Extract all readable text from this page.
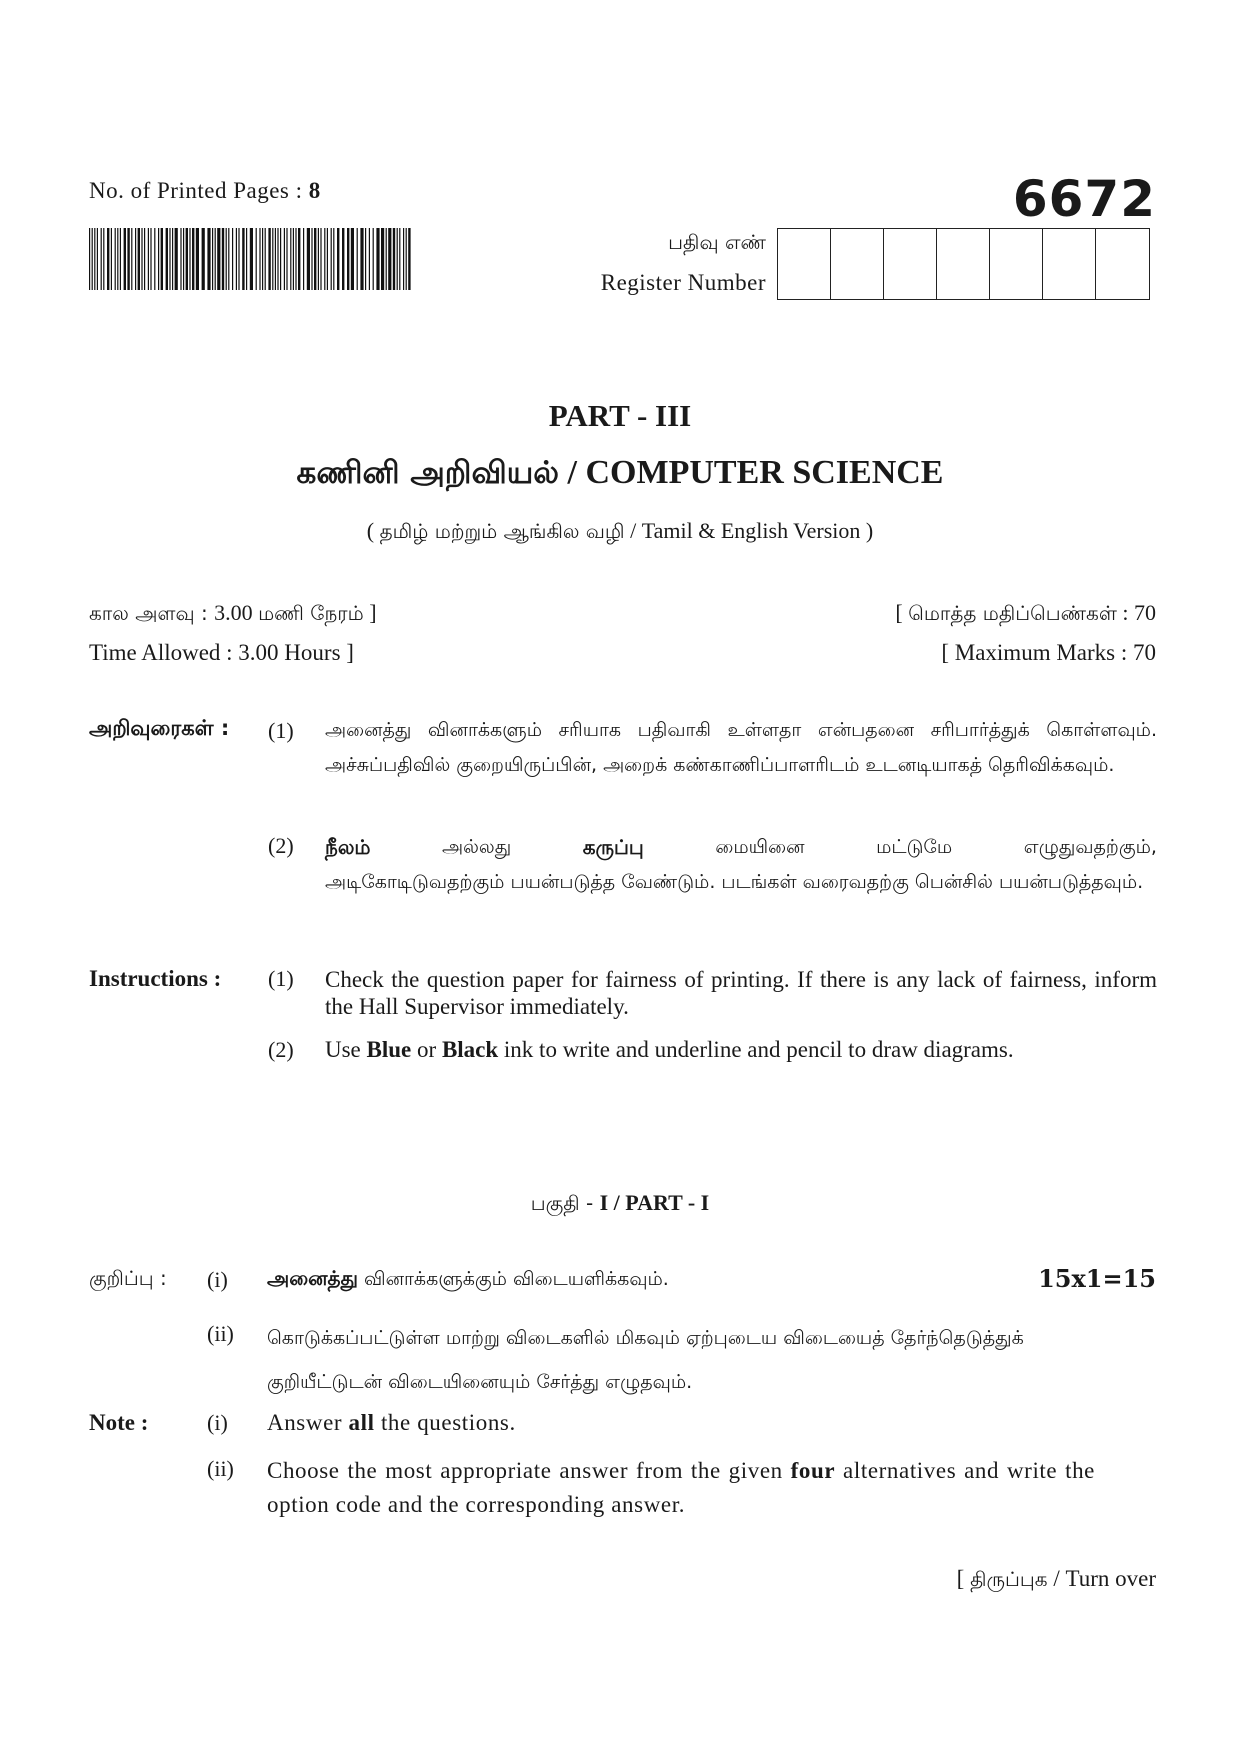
No. of Printed Pages : 8	6672
பதிவு எண்
Register Number
PART - III
கணினி அறிவியல் / COMPUTER SCIENCE
( தமிழ் மற்றும் ஆங்கில வழி / Tamil & English Version )
கால அளவு : 3.00 மணி நேரம் ]
Time Allowed : 3.00 Hours ]
[ மொத்த மதிப்பெண்கள் : 70
[ Maximum Marks : 70
அறிவுரைகள் : (1) அனைத்து வினாக்களும் சரியாக பதிவாகி உள்ளதா என்பதனை சரிபார்த்துக் கொள்ளவும். அச்சுப்பதிவில் குறையிருப்பின், அறைக் கண்காணிப்பாளரிடம் உடனடியாகத் தெரிவிக்கவும்.
(2) நீலம்	அல்லது	கருப்பு	மையினை	மட்டுமே	எழுதுவதற்கும்,
அடிகோடிடுவதற்கும் பயன்படுத்த வேண்டும். படங்கள் வரைவதற்கு பென்சில் பயன்படுத்தவும்.
Instructions : (1) Check the question paper for fairness of printing. If there is any lack of fairness, inform the Hall Supervisor immediately.
(2) Use Blue or Black ink to write and underline and pencil to draw diagrams.
பகுதி - I / PART - I
குறிப்பு : (i) அனைத்து வினாக்களுக்கும் விடையளிக்கவும்.	15x1=15
(ii) கொடுக்கப்பட்டுள்ள மாற்று விடைகளில் மிகவும் ஏற்புடைய விடையைத் தேர்ந்தெடுத்துக் குறியீட்டுடன் விடையினையும் சேர்த்து எழுதவும்.
Note :	(i) Answer all the questions.
(ii) Choose the most appropriate answer from the given four alternatives and write the option code and the corresponding answer.
[ திருப்புக / Turn over
